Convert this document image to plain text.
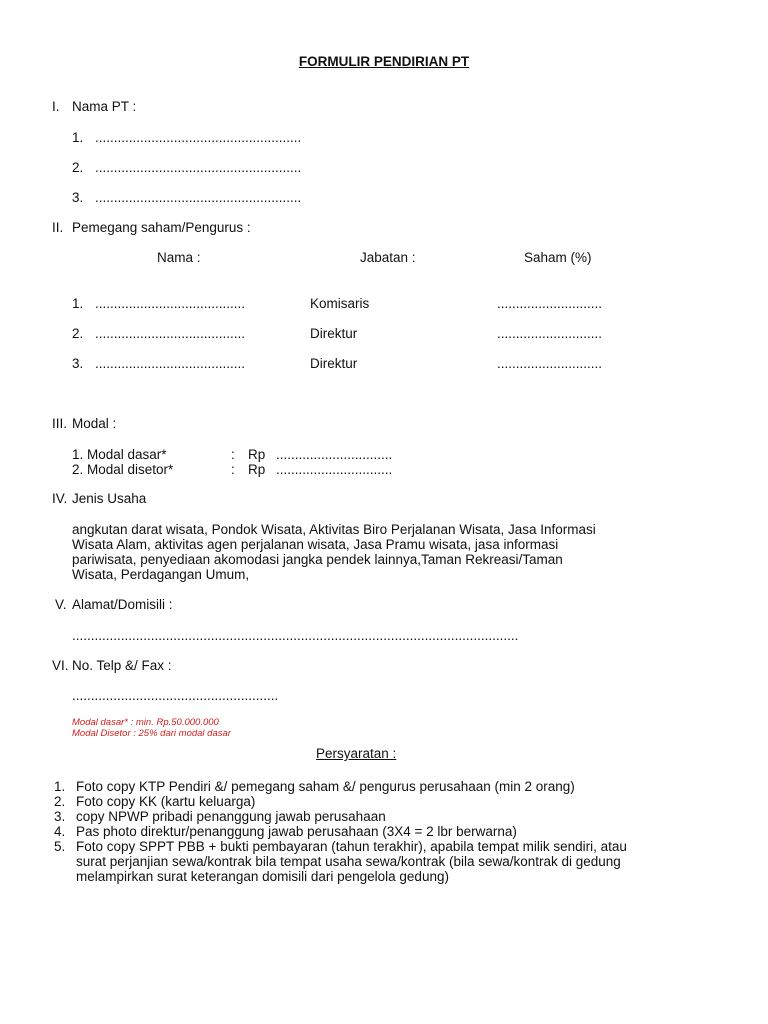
FORMULIR PENDIRIAN PT
I. Nama PT :
1. .......................................................
2. .......................................................
3. .......................................................
II. Pemegang saham/Pengurus :
Nama :	Jabatan :	Saham (%)
1. ........................................	Komisaris	............................
2. ........................................	Direktur	............................
3. ........................................	Direktur	............................
III. Modal :
1. Modal dasar*	: Rp ...............................
2. Modal disetor*	: Rp ...............................
IV. Jenis Usaha
angkutan darat wisata, Pondok Wisata, Aktivitas Biro Perjalanan Wisata, Jasa Informasi
Wisata Alam, aktivitas agen perjalanan wisata, Jasa Pramu wisata, jasa informasi
pariwisata, penyediaan akomodasi jangka pendek lainnya,Taman Rekreasi/Taman
Wisata, Perdagangan Umum,
V. Alamat/Domisili :
.......................................................................................................................
VI. No. Telp &/ Fax :
.......................................................
Modal dasar* : min. Rp.50.000.000
Modal Disetor : 25% dari modal dasar
Persyaratan :
1. Foto copy KTP Pendiri &/ pemegang saham &/ pengurus perusahaan (min 2 orang)
2. Foto copy KK (kartu keluarga)
3. copy NPWP pribadi penanggung jawab perusahaan
4. Pas photo direktur/penanggung jawab perusahaan (3X4 = 2 lbr berwarna)
5. Foto copy SPPT PBB + bukti pembayaran (tahun terakhir), apabila tempat milik sendiri, atau
surat perjanjian sewa/kontrak bila tempat usaha sewa/kontrak (bila sewa/kontrak di gedung
melampirkan surat keterangan domisili dari pengelola gedung)
